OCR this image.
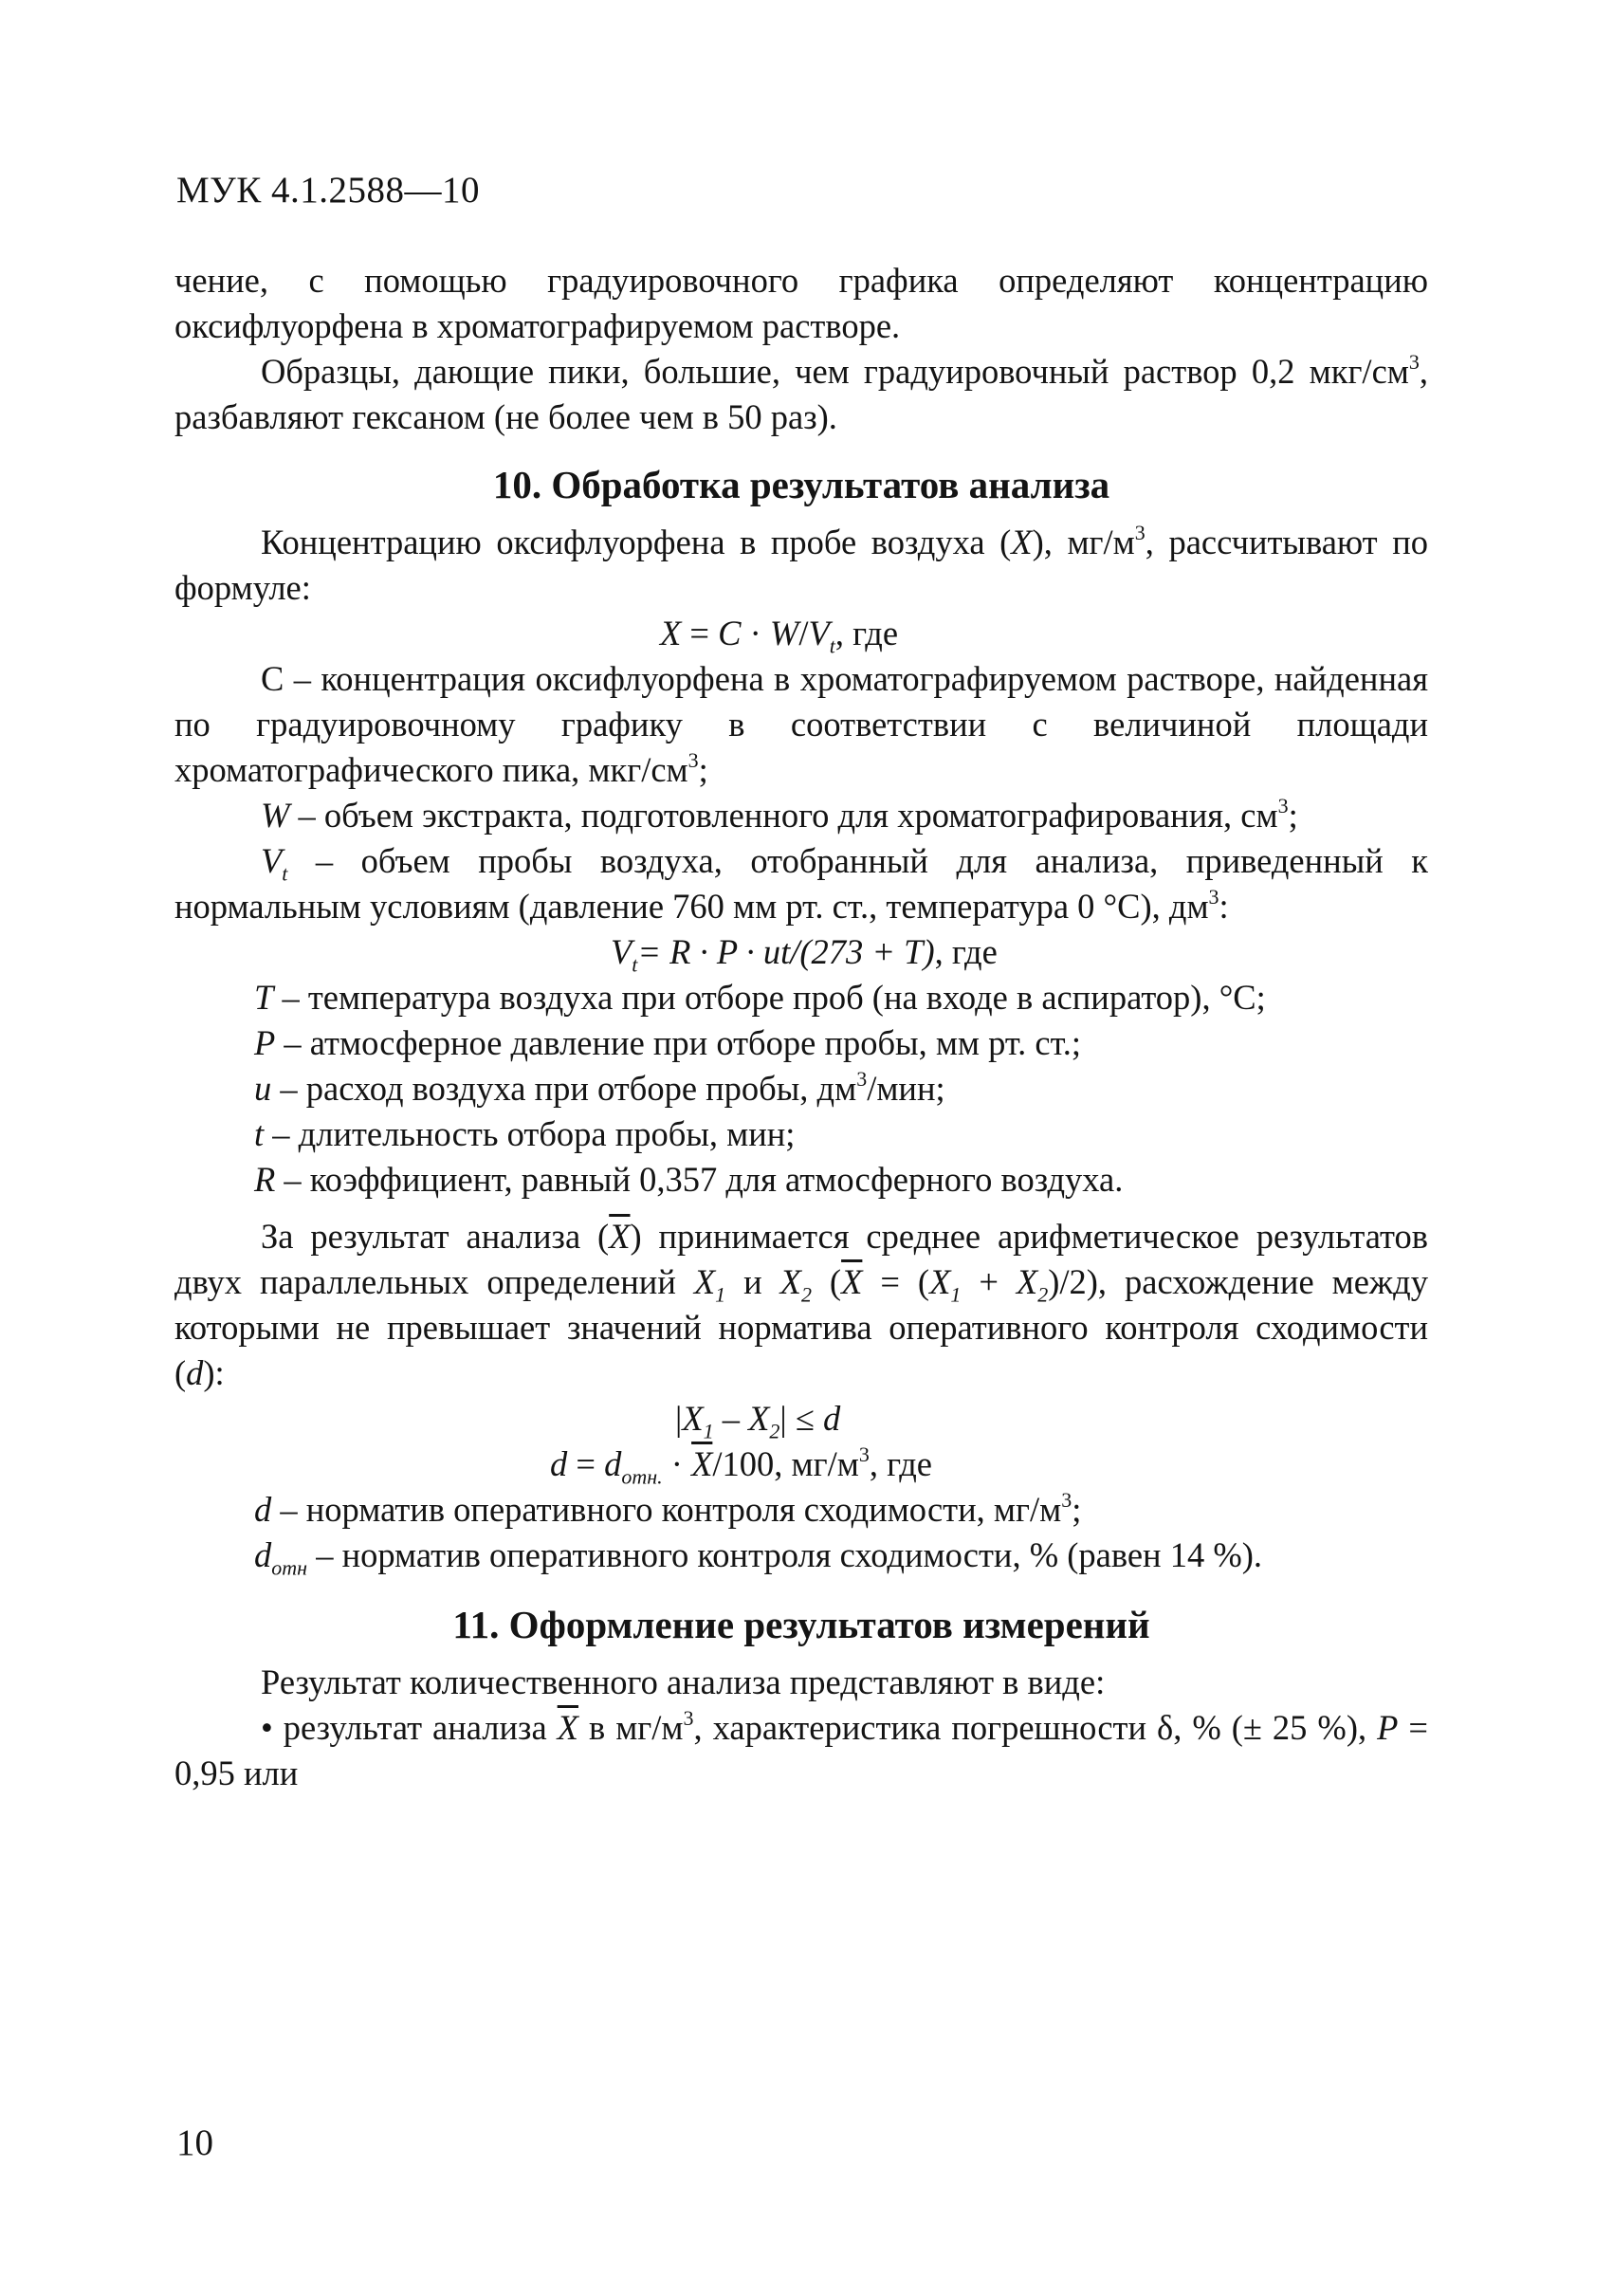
МУК 4.1.2588—10

чение, с помощью градуировочного графика определяют концентрацию оксифлуорфена в хроматографируемом растворе.

Образцы, дающие пики, большие, чем градуировочный раствор 0,2 мкг/$см^3$, разбавляют гексаном (не более чем в 50 раз).

10. Обработка результатов анализа

Концентрацию оксифлуорфена в пробе воздуха (X), $мг/м^3$, рассчитывают по формуле:

$X = C \cdot W/V_t$, где

С – концентрация оксифлуорфена в хроматографируемом растворе, найденная по градуировочному графику в соответствии с величиной площади хроматографического пика, мкг/$см^3$;

W – объем экстракта, подготовленного для хроматографирования, $см^3$;

$V_t$ – объем пробы воздуха, отобранный для анализа, приведенный к нормальным условиям (давление 760 мм рт. ст., температура 0 °С), $дм^3$:

$V_t= R \cdot P \cdot ut/(273 + T)$, где

T – температура воздуха при отборе проб (на входе в аспиратор), °С;

P – атмосферное давление при отборе пробы, мм рт. ст.;

u – расход воздуха при отборе пробы, $дм^3$/мин;

t – длительность отбора пробы, мин;

R – коэффициент, равный 0,357 для атмосферного воздуха.

За результат анализа $(\overline{X})$ принимается среднее арифметическое результатов двух параллельных определений $X_1$ и $X_2$ $(\overline{X} = (X_1 + X_2)/2)$, расхождение между которыми не превышает значений норматива оперативного контроля сходимости (d):

$|X_1 - X_2| \le d$

$d = d_{отн.} \cdot \overline{X}/100$, $мг/м^3$, где

d – норматив оперативного контроля сходимости, $мг/м^3$;

$d_{отн}$ – норматив оперативного контроля сходимости, % (равен 14 %).

11. Оформление результатов измерений

Результат количественного анализа представляют в виде:

• результат анализа $\overline{X}$ в $мг/м^3$, характеристика погрешности δ, % (± 25 %), P = 0,95 или

10
